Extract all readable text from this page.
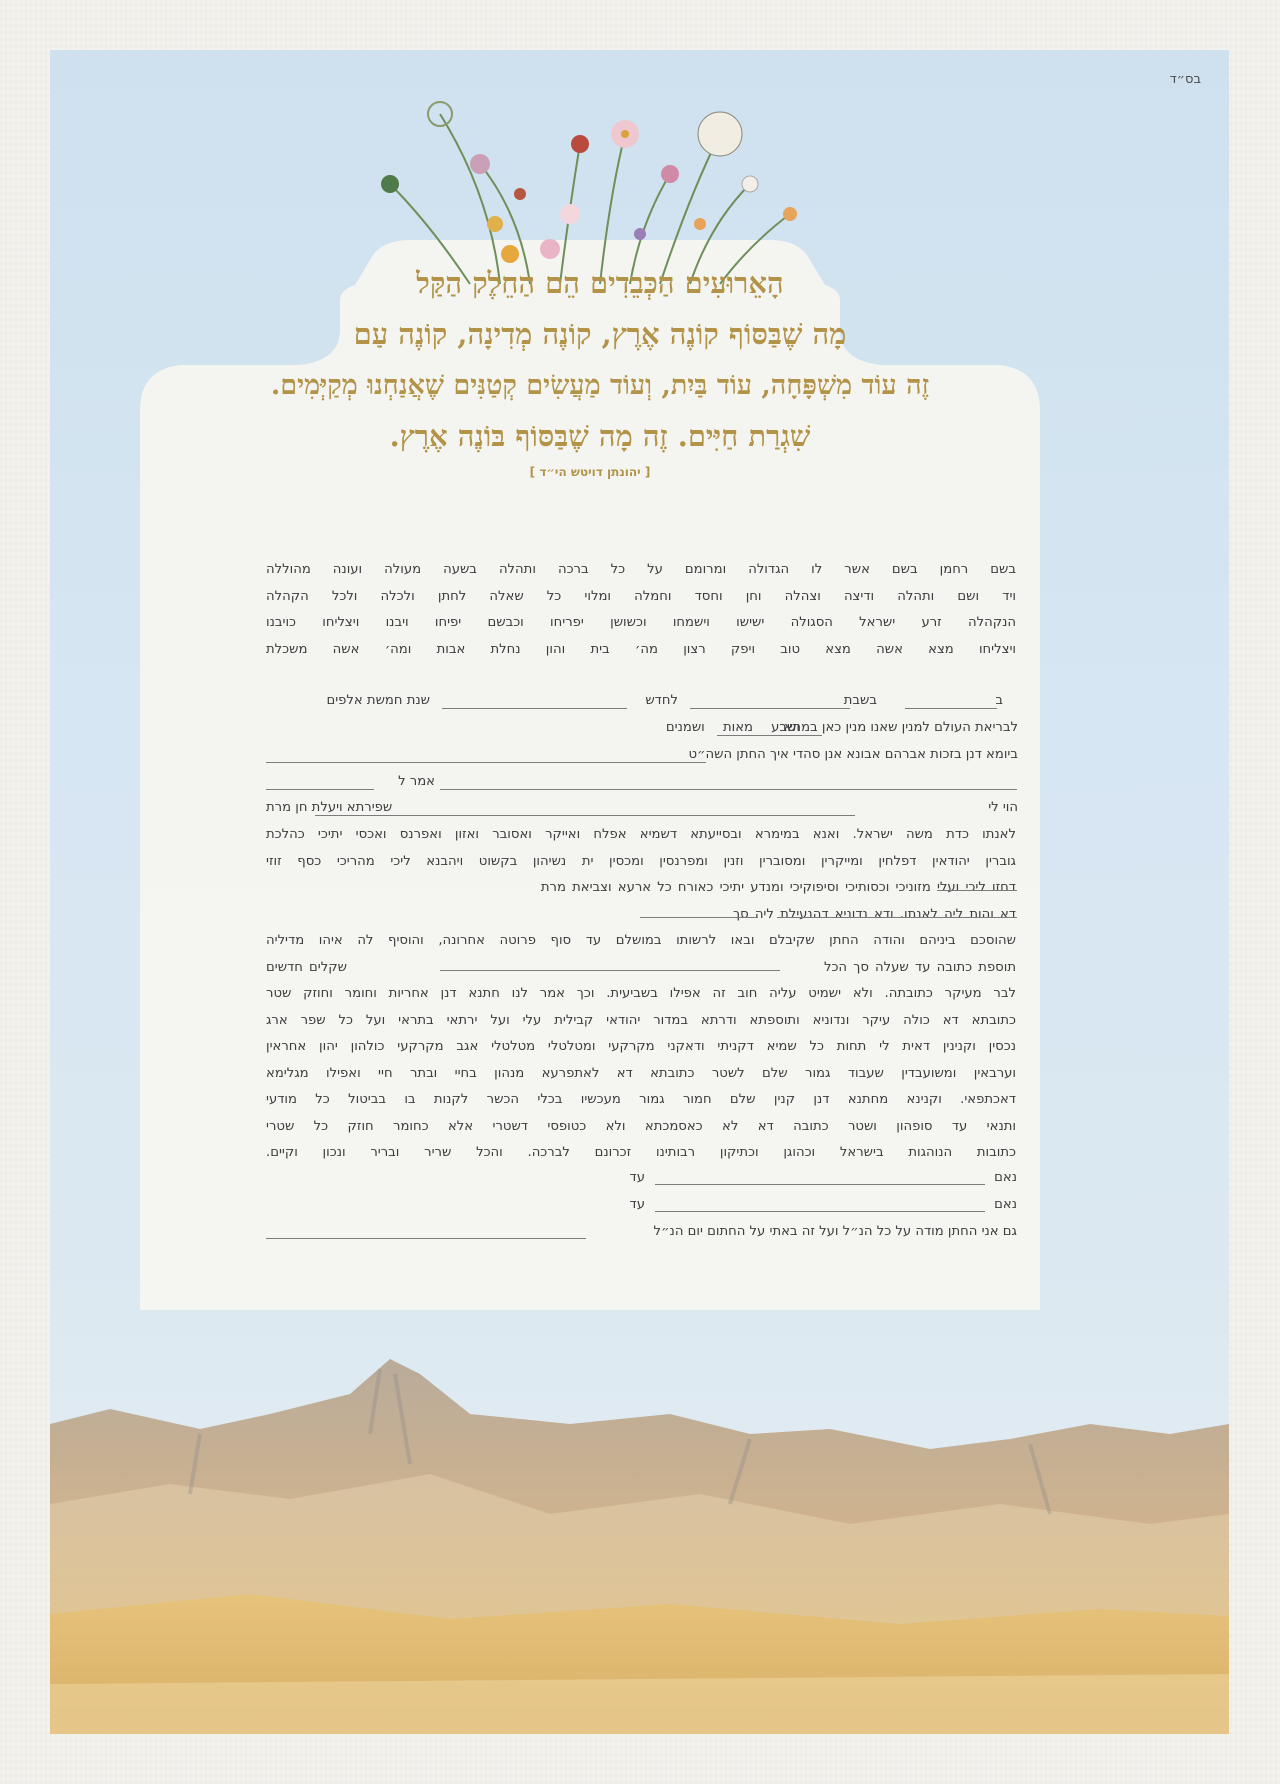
בס״ד
הָאֵרוּעִים הַכְּבֵדִים הֵם הַחֵלֶק הַקַּל
מָה שֶׁבַּסּוֹף קוֹנֶה אֶרֶץ, קוֹנֶה מְדִינָה, קוֹנֶה עַם
זֶה עוֹד מִשְׁפָּחָה, עוֹד בַּיִת, וְעוֹד מַעֲשִׂים קְטַנִּים שֶׁאֲנַחְנוּ מְקַיְּמִים.
שִׁגְרַת חַיִּים. זֶה מָה שֶׁבַּסּוֹף בּוֹנֶה אֶרֶץ.
[ יהונתן דויטש הי״ד ]
בשם רחמן בשם אשר לו הגדולה ומרומם על כל ברכה ותהלה בשעה מעולה ועונה מהוללה
ויד ושם ותהלה ודיצה וצהלה וחן וחסד וחמלה ומלוי כל שאלה לחתן ולכלה ולכל הקהלה
הנקהלה זרע ישראל הסגולה ישישו וישמחו וכשושן יפריחו וכבשם יפיחו ויבנו ויצליחו כויבנו
ויצליחו מצא אשה מצא טוב ויפק רצון מה׳ בית והון נחלת אבות ומה׳ אשה משכלת
ב
בשבת
לחדש
שנת חמשת אלפים
לבריאת העולם למנין שאנו מנין כאן במתא
ושבע מאות ושמנים
ביומא דנן בזכות אברהם אבונא אנן סהדי איך החתן השה״ט
אמר ל
הוי לי
שפירתא ויעלת חן מרת
לאנתו כדת משה ישראל. ואנא במימרא ובסייעתא דשמיא אפלח ואייקר ואסובר ואזון ואפרנס ואכסי יתיכי כהלכת
גוברין יהודאין דפלחין ומייקרין ומסוברין וזנין ומפרנסין ומכסין ית נשיהון בקשוט ויהבנא ליכי מהריכי כסף זוזי
דחזו ליכי ועלי מזוניכי וכסותיכי וסיפוקיכי ומנדע יתיכי כאורח כל ארעא וצביאת מרת
דא והות ליה לאנתו. ודא נדוניא דהנעילת ליה סך
שהוסכם ביניהם והודה החתן שקיבלם ובאו לרשותו במושלם עד סוף פרוטה אחרונה, והוסיף לה איהו מדיליה
תוספת כתובה עד שעלה סך הכל
שקלים חדשים
לבר מעיקר כתובתה. ולא ישמיט עליה חוב זה אפילו בשביעית. וכך אמר לנו חתנא דנן אחריות וחומר וחוזק שטר
כתובתא דא כולה עיקר ונדוניא ותוספתא ודרתא במדור יהודאי קבילית עלי ועל ירתאי בתראי ועל כל שפר ארג
נכסין וקנינין דאית לי תחות כל שמיא דקניתי ודאקני מקרקעי ומטלטלי מטלטלי אגב מקרקעי כולהון יהון אחראין
וערבאין ומשועבדין שעבוד גמור שלם לשטר כתובתא דא לאתפרעא מנהון בחיי ובתר חיי ואפילו מגלימא
דאכתפאי. וקנינא מחתנא דנן קנין שלם חמור גמור מעכשיו בכלי הכשר לקנות בו בביטול כל מודעי
ותנאי עד סופהון ושטר כתובה דא לא כאסמכתא ולא כטופסי דשטרי אלא כחומר חוזק כל שטרי
כתובות הנוהגות בישראל וכהוגן וכתיקון רבותינו זכרונם לברכה. והכל שריר ובריר ונכון וקיים.
נאם
עד
נאם
עד
גם אני החתן מודה על כל הנ״ל ועל זה באתי על החתום יום הנ״ל
